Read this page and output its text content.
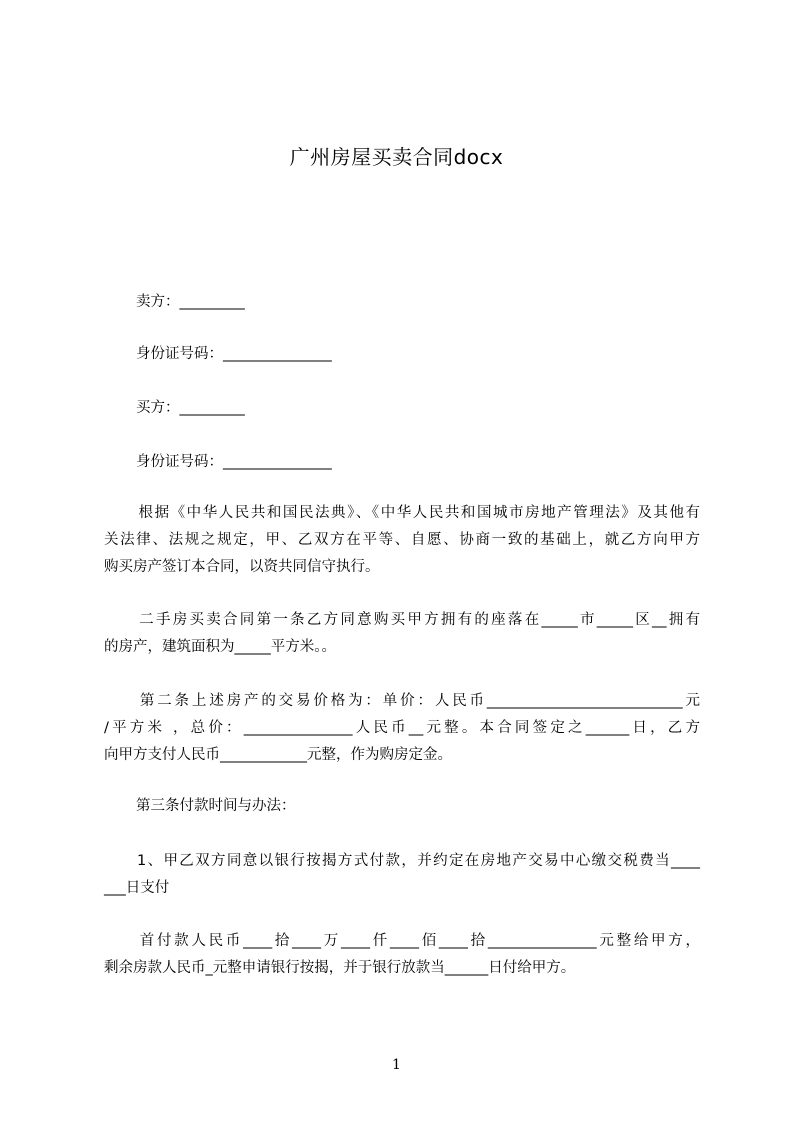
广州房屋买卖合同docx
卖方：_________
身份证号码：_______________
买方：_________
身份证号码：_______________
根据《中华人民共和国民法典》、《中华人民共和国城市房地产管理法》及其他有
关法律、法规之规定，甲、乙双方在平等、自愿、协商一致的基础上，就乙方向甲方
购买房产签订本合同，以资共同信守执行。
二手房买卖合同第一条乙方同意购买甲方拥有的座落在_____市_____区__拥有
的房产，建筑面积为_____平方米。。
第二条上述房产的交易价格为：单价：人民币___________________________元
/平方米 ，总价：_______________人民币__元整。本合同签定之______日，乙方
向甲方支付人民币____________元整，作为购房定金。
第三条付款时间与办法：
1、甲乙双方同意以银行按揭方式付款，并约定在房地产交易中心缴交税费当____
___日支付
首付款人民币____拾____万____仟____佰____拾_______________元整给甲方，
剩余房款人民币_元整申请银行按揭，并于银行放款当______日付给甲方。
1
